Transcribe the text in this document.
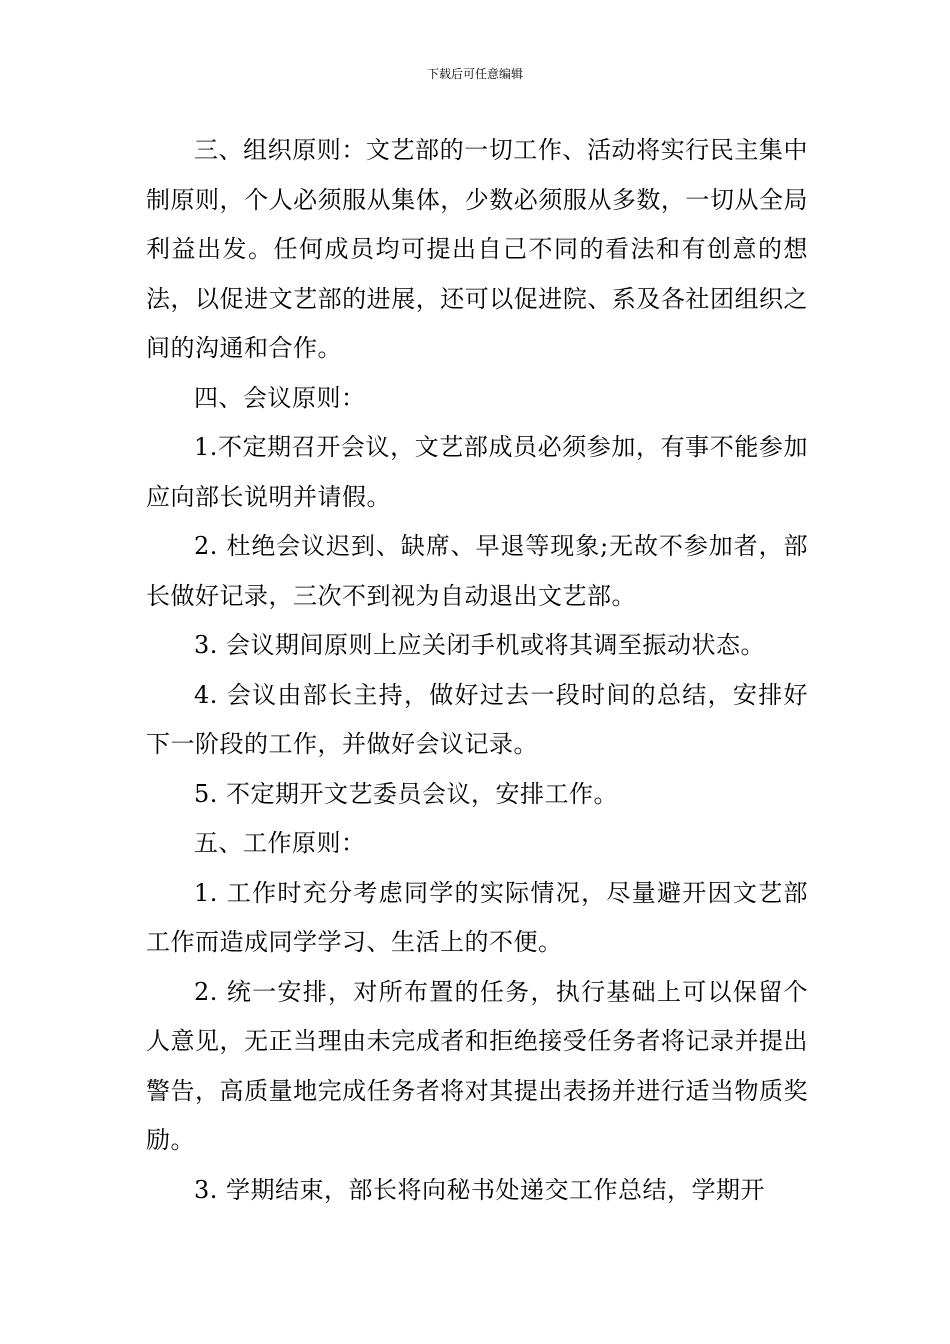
下载后可任意编辑

三、组织原则：文艺部的一切工作、活动将实行民主集中制原则，个人必须服从集体，少数必须服从多数，一切从全局利益出发。任何成员均可提出自己不同的看法和有创意的想法，以促进文艺部的进展，还可以促进院、系及各社团组织之间的沟通和合作。

四、会议原则：

1.不定期召开会议，文艺部成员必须参加，有事不能参加应向部长说明并请假。

2. 杜绝会议迟到、缺席、早退等现象;无故不参加者，部长做好记录，三次不到视为自动退出文艺部。

3. 会议期间原则上应关闭手机或将其调至振动状态。

4. 会议由部长主持，做好过去一段时间的总结，安排好下一阶段的工作，并做好会议记录。

5. 不定期开文艺委员会议，安排工作。

五、工作原则：

1. 工作时充分考虑同学的实际情况，尽量避开因文艺部工作而造成同学学习、生活上的不便。

2. 统一安排，对所布置的任务，执行基础上可以保留个人意见，无正当理由未完成者和拒绝接受任务者将记录并提出警告，高质量地完成任务者将对其提出表扬并进行适当物质奖励。

3. 学期结束，部长将向秘书处递交工作总结，学期开
